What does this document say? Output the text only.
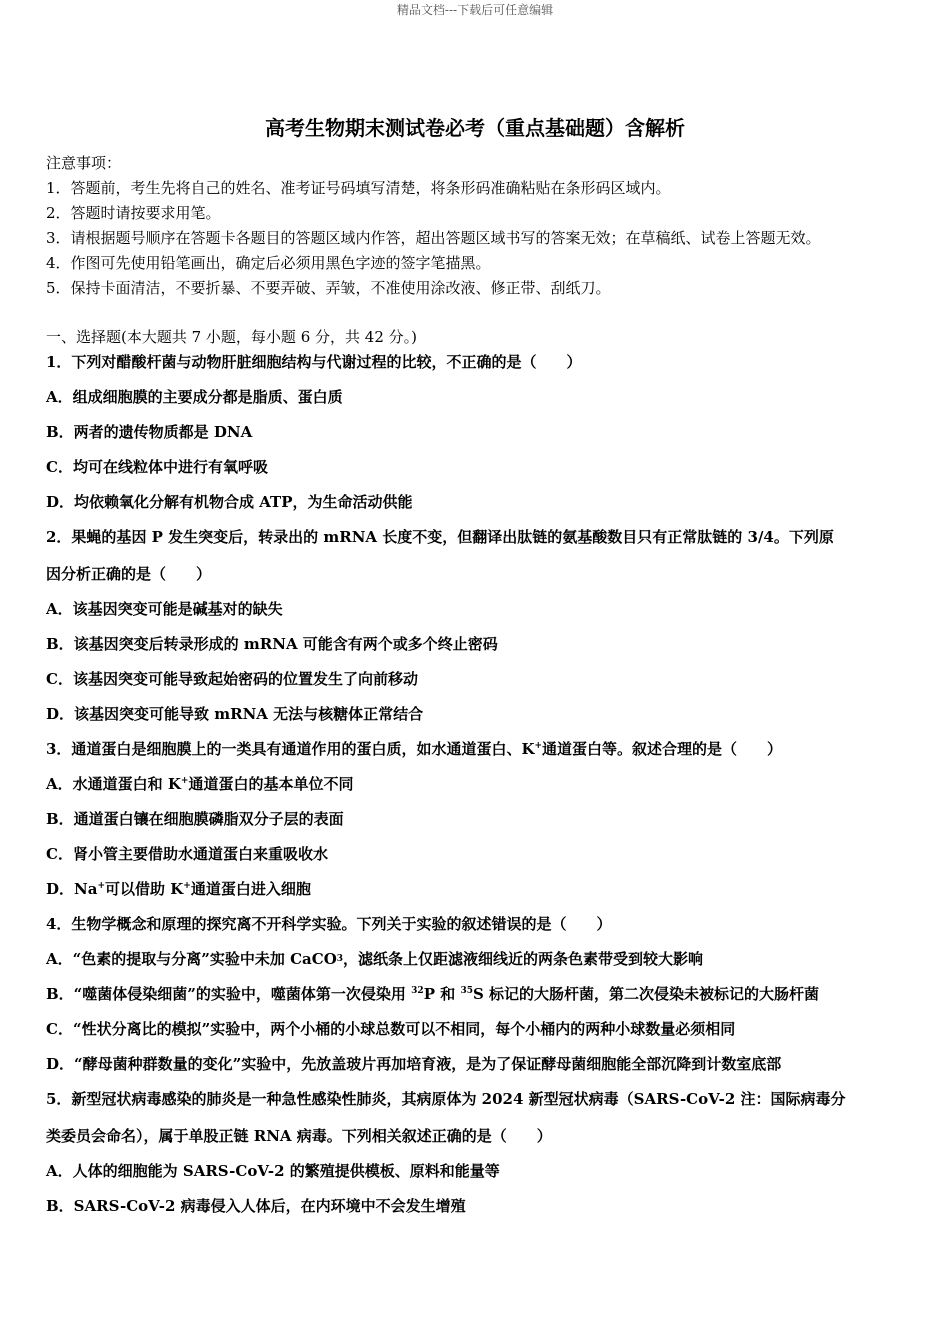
精品文档---下载后可任意编辑
高考生物期末测试卷必考（重点基础题）含解析
注意事项：
1．答题前，考生先将自己的姓名、准考证号码填写清楚，将条形码准确粘贴在条形码区域内。
2．答题时请按要求用笔。
3．请根据题号顺序在答题卡各题目的答题区域内作答，超出答题区域书写的答案无效；在草稿纸、试卷上答题无效。
4．作图可先使用铅笔画出，确定后必须用黑色字迹的签字笔描黑。
5．保持卡面清洁，不要折暴、不要弄破、弄皱，不准使用涂改液、修正带、刮纸刀。
一、选择题(本大题共 7 小题，每小题 6 分，共 42 分。)
1．下列对醋酸杆菌与动物肝脏细胞结构与代谢过程的比较，不正确的是（　　）
A．组成细胞膜的主要成分都是脂质、蛋白质
B．两者的遗传物质都是 DNA
C．均可在线粒体中进行有氧呼吸
D．均依赖氧化分解有机物合成 ATP，为生命活动供能
2．果蝇的基因 P 发生突变后，转录出的 mRNA 长度不变，但翻译出肽链的氨基酸数目只有正常肽链的 3/4。下列原
因分析正确的是（　　）
A．该基因突变可能是碱基对的缺失
B．该基因突变后转录形成的 mRNA 可能含有两个或多个终止密码
C．该基因突变可能导致起始密码的位置发生了向前移动
D．该基因突变可能导致 mRNA 无法与核糖体正常结合
3．通道蛋白是细胞膜上的一类具有通道作用的蛋白质，如水通道蛋白、K+通道蛋白等。叙述合理的是（　　）
A．水通道蛋白和 K+通道蛋白的基本单位不同
B．通道蛋白镶在细胞膜磷脂双分子层的表面
C．肾小管主要借助水通道蛋白来重吸收水
D．Na+可以借助 K+通道蛋白进入细胞
4．生物学概念和原理的探究离不开科学实验。下列关于实验的叙述错误的是（　　）
A．“色素的提取与分离”实验中未加 CaCO3，滤纸条上仅距滤液细线近的两条色素带受到较大影响
B．“噬菌体侵染细菌”的实验中，噬菌体第一次侵染用 $^{32}$P 和 $^{35}$S 标记的大肠杆菌，第二次侵染未被标记的大肠杆菌
C．“性状分离比的模拟”实验中，两个小桶的小球总数可以不相同，每个小桶内的两种小球数量必须相同
D．“酵母菌种群数量的变化”实验中，先放盖玻片再加培育液，是为了保证酵母菌细胞能全部沉降到计数室底部
5．新型冠状病毒感染的肺炎是一种急性感染性肺炎，其病原体为 2024 新型冠状病毒（SARS-CoV-2 注：国际病毒分
类委员会命名），属于单股正链 RNA 病毒。下列相关叙述正确的是（　　）
A．人体的细胞能为 SARS-CoV-2 的繁殖提供模板、原料和能量等
B．SARS-CoV-2 病毒侵入人体后，在内环境中不会发生增殖
